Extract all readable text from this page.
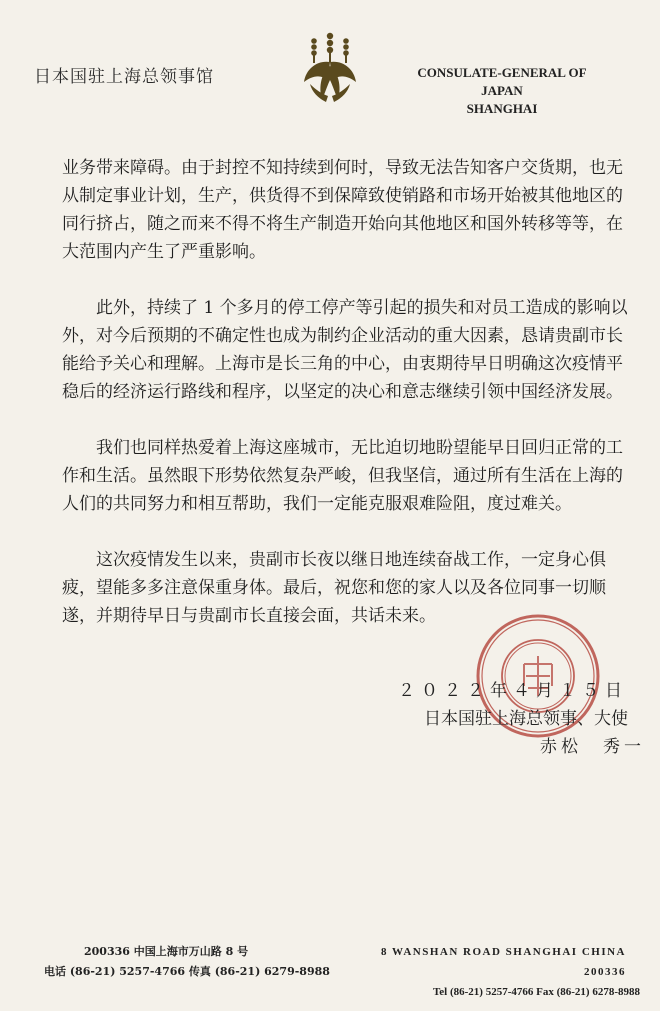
日本国驻上海总领事馆	CONSULATE-GENERAL OF JAPAN
SHANGHAI

业务带来障碍。由于封控不知持续到何时，导致无法告知客户交货期，也无从制定事业计划，生产，供货得不到保障致使销路和市场开始被其他地区的同行挤占，随之而来不得不将生产制造开始向其他地区和国外转移等等，在大范围内产生了严重影响。

此外，持续了 1 个多月的停工停产等引起的损失和对员工造成的影响以外，对今后预期的不确定性也成为制约企业活动的重大因素，恳请贵副市长能给予关心和理解。上海市是长三角的中心，由衷期待早日明确这次疫情平稳后的经济运行路线和程序，以坚定的决心和意志继续引领中国经济发展。

我们也同样热爱着上海这座城市，无比迫切地盼望能早日回归正常的工作和生活。虽然眼下形势依然复杂严峻，但我坚信，通过所有生活在上海的人们的共同努力和相互帮助，我们一定能克服艰难险阻，度过难关。

这次疫情发生以来，贵副市长夜以继日地连续奋战工作，一定身心俱疲，望能多多注意保重身体。最后，祝您和您的家人以及各位同事一切顺遂，并期待早日与贵副市长直接会面，共话未来。

２０２２年４月１５日
日本国驻上海总领事、大使
赤松　秀一
200336 中国上海市万山路 8 号
电话 (86-21) 5257-4766 传真 (86-21) 6279-8988
8 WANSHAN ROAD SHANGHAI CHINA 200336
Tel (86-21) 5257-4766 Fax (86-21) 6278-8988
